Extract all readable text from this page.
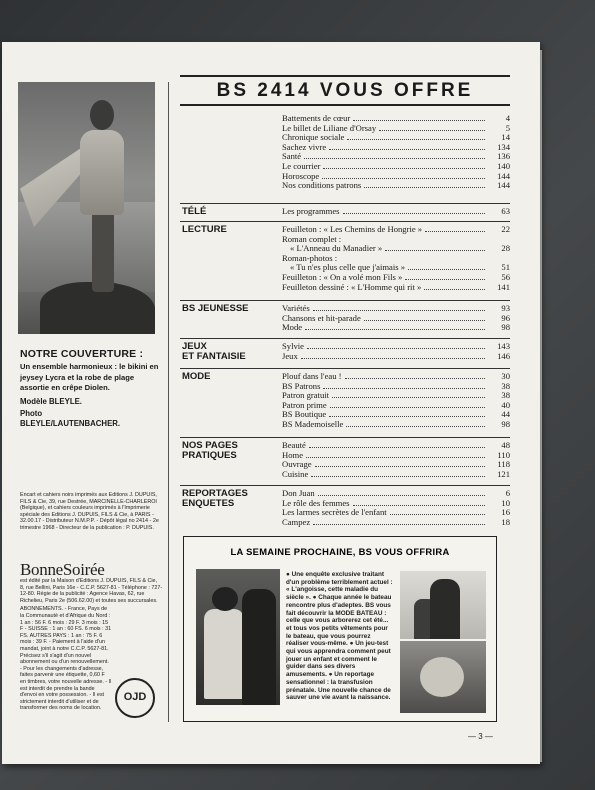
NOTRE COUVERTURE :
Un ensemble harmonieux : le bikini en jeysey Lycra et la robe de plage assortie en crêpe Diolen.
Modèle BLEYLE.
Photo
BLEYLE/LAUTENBACHER.
Encart et cahiers noirs imprimés aux Editions J. DUPUIS, FILS & Cie, 39, rue Destrée, MARCINELLE-CHARLEROI (Belgique), et cahiers couleurs imprimés à l'Imprimerie spéciale des Editions J. DUPUIS, FILS & Cie, à PARIS - 32.00.17 - Distributeur N.M.P.P. - Dépôt légal no 2414 - 2e trimestre 1968 - Directeur de la publication : P. DUPUIS.
BonneSoirée
est édité par la Maison d'Editions J. DUPUIS, FILS & Cie, 8, rue Bellini, Paris 16e - C.C.P. 5627-81 - Téléphone : 727-12-80. Régie de la publicité : Agence Havas, 62, rue Richelieu, Paris 2e (506.62.00) et toutes ses succursales.
ABONNEMENTS. - France, Pays de la Communauté et d'Afrique du Nord : 1 an : 56 F. 6 mois : 29 F. 3 mois : 15 F - SUISSE : 1 an : 60 FS. 6 mois : 31 FS. AUTRES PAYS : 1 an : 75 F. 6 mois : 39 F. - Paiement à l'aide d'un mandat, joint à notre C.C.P. 5627-81. Précisez s'il s'agit d'un nouvel abonnement ou d'un renouvellement. - Pour les changements d'adresse, faites parvenir une étiquette, 0,60 F en timbres, votre nouvelle adresse. - Il est interdit de prendre la bande d'envoi en votre possession. - Il est strictement interdit d'utiliser et de transformer des noms de location.
OJD
BS 2414 VOUS OFFRE
Battements de cœur	4
Le billet de Liliane d'Orsay	5
Chronique sociale	14
Sachez vivre	134
Santé	136
Le courrier	140
Horoscope	144
Nos conditions patrons	144
TÉLÉ	Les programmes	63
LECTURE	Feuilleton : « Les Chemins de Hongrie »	22
Roman complet :
« L'Anneau du Manadier »	28
Roman-photos :
« Tu n'es plus celle que j'aimais »	51
Feuilleton : « On a volé mon Fils »	56
Feuilleton dessiné : « L'Homme qui rit »	141
BS JEUNESSE	Variétés	93
Chansons et hit-parade	96
Mode	98
JEUX
ET FANTAISIE
Sylvie	143
Jeux	146
MODE	Plouf dans l'eau !	30
BS Patrons	38
Patron gratuit	38
Patron prime	40
BS Boutique	44
BS Mademoiselle	98
NOS PAGES
PRATIQUES
Beauté	48
Home	110
Ouvrage	118
Cuisine	121
REPORTAGES
ENQUETES
Don Juan	6
Le rôle des femmes	10
Les larmes secrètes de l'enfant	16
Campez	18
LA SEMAINE PROCHAINE, BS VOUS OFFRIRA
● Une enquête exclusive traitant d'un problème terriblement actuel : « L'angoisse, cette maladie du siècle ». ● Chaque année le bateau rencontre plus d'adeptes. BS vous fait découvrir la MODE BATEAU : celle que vous arborerez cet été... et tous vos petits vêtements pour le bateau, que vous pourrez réaliser vous-même. ● Un jeu-test qui vous apprendra comment peut jouer un enfant et comment le guider dans ses divers amusements. ● Un reportage sensationnel : la transfusion prénatale. Une nouvelle chance de sauver une vie avant la naissance.
— 3 —
